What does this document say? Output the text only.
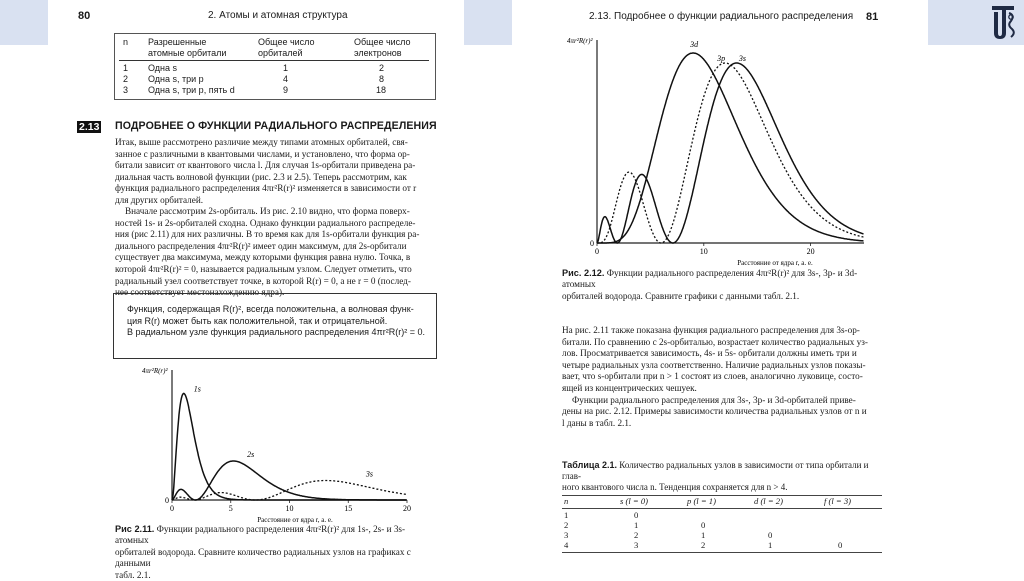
80	2. Атомы и атомная структура
n Разрешенные	Общее число	Общее число
атомные орбитали	орбиталей	электронов
1 Одна s	1	2
2 Одна s, три p	4	8
3 Одна s, три p, пять d	9	18
2.13 ПОДРОБНЕЕ О ФУНКЦИИ РАДИАЛЬНОГО РАСПРЕДЕЛЕНИЯ
Итак, выше рассмотрено различие между типами атомных орбиталей, свя-
занное с различными в квантовыми числами, и установлено, что форма ор-
битали зависит от квантового числа l. Для случая 1s-орбитали приведена ра-
диальная часть волновой функции (рис. 2.3 и 2.5). Теперь рассмотрим, как
функция радиального распределения 4πr²R(r)² изменяется в зависимости от r
для других орбиталей.
Вначале рассмотрим 2s-орбиталь. Из рис. 2.10 видно, что форма поверх-
ностей 1s- и 2s-орбиталей сходна. Однако функции радиального распределе-
ния (рис 2.11) для них различны. В то время как для 1s-орбитали функция ра-
диального распределения 4πr²R(r)² имеет один максимум, для 2s-орбитали
существует два максимума, между которыми функция равна нулю. Точка, в
которой 4πr²R(r)² = 0, называется радиальным узлом. Следует отметить, что
радиальный узел соответствует точке, в которой R(r) = 0, а не r = 0 (послед-
нее соответствует местонахождению ядра).
Функция, содержащая R(r)², всегда положительна, а волновая функ-
ция R(r) может быть как положительной, так и отрицательной.
В радиальном узле функция радиального распределения 4πr²R(r)² = 0.
4πr²R(r)²
0
0	5	10	15	20
Расстояние от ядра r, а. е.
1s
2s
3s
Рис 2.11. Функции радиального распределения 4πr²R(r)² для 1s-, 2s- и 3s-атомных
орбиталей водорода. Сравните количество радиальных узлов на графиках с данными
табл. 2.1.
2.13. Подробнее о функции радиального распределения 81
4πr²R(r)²
0
0	10	20
Расстояние от ядра r, а. е.
3d
3p 3s
Рис. 2.12. Функции радиального распределения 4πr²R(r)² для 3s-, 3p- и 3d- атомных
орбиталей водорода. Сравните графики с данными табл. 2.1.
На рис. 2.11 также показана функция радиального распределения для 3s-ор-
битали. По сравнению с 2s-орбиталью, возрастает количество радиальных уз-
лов. Просматривается зависимость, 4s- и 5s- орбитали должны иметь три и
четыре радиальных узла соответственно. Наличие радиальных узлов показы-
вает, что s-орбитали при n > 1 состоят из слоев, аналогично луковице, состо-
ящей из концентрических чешуек.
Функции радиального распределения для 3s-, 3p- и 3d-орбиталей приве-
дены на рис. 2.12. Примеры зависимости количества радиальных узлов от n и
l даны в табл. 2.1.
Таблица 2.1. Количество радиальных узлов в зависимости от типа орбитали и глав-
ного квантового числа n. Тенденция сохраняется для n > 4.
n	s (l = 0)	p (l = 1)	d (l = 2)	f (l = 3)
1	0
2	1	0
3	2	1	0
4	3	2	1	0
